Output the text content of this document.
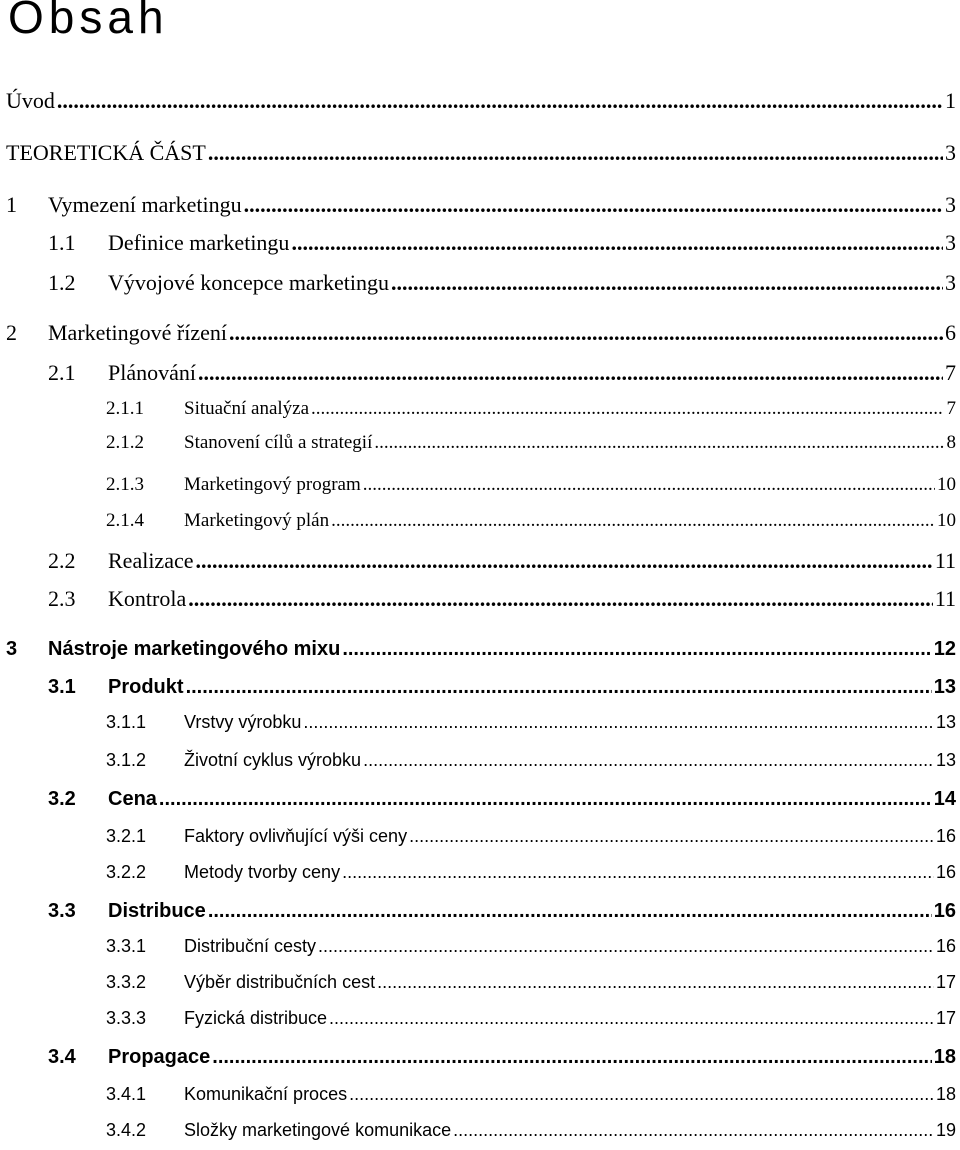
Obsah
Úvod .....	1
TEORETICKÁ ČÁST .....	3
1	Vymezení marketingu .....	3
1.1	Definice marketingu .....	3
1.2	Vývojové koncepce marketingu .....	3
2	Marketingové řízení .....	6
2.1	Plánování .....	7
2.1.1	Situační analýza .....	7
2.1.2	Stanovení cílů a strategií .....	8
2.1.3	Marketingový program .....	10
2.1.4	Marketingový plán .....	10
2.2	Realizace .....	11
2.3	Kontrola .....	11
3	Nástroje marketingového mixu .....	12
3.1	Produkt .....	13
3.1.1	Vrstvy výrobku .....	13
3.1.2	Životní cyklus výrobku .....	13
3.2	Cena .....	14
3.2.1	Faktory ovlivňující výši ceny .....	16
3.2.2	Metody tvorby ceny .....	16
3.3	Distribuce .....	16
3.3.1	Distribuční cesty .....	16
3.3.2	Výběr distribučních cest .....	17
3.3.3	Fyzická distribuce .....	17
3.4	Propagace .....	18
3.4.1	Komunikační proces .....	18
3.4.2	Složky marketingové komunikace .....	19
